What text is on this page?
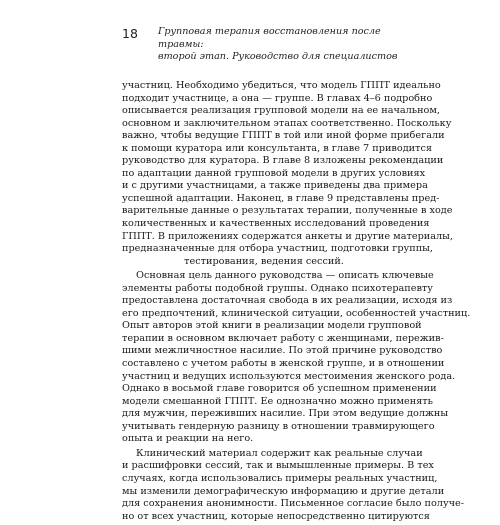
18 Групповая терапия восстановления после травмы:
второй этап. Руководство для специалистов
участниц. Необходимо убедиться, что модель ГППТ идеально
подходит участнице, а она — группе. В главах 4–6 подробно
описывается реализация групповой модели на ее начальном,
основном и заключительном этапах соответственно. Поскольку
важно, чтобы ведущие ГППТ в той или иной форме прибегали
к помощи куратора или консультанта, в главе 7 приводится
руководство для куратора. В главе 8 изложены рекомендации
по адаптации данной групповой модели в других условиях
и с другими участницами, а также приведены два примера
успешной адаптации. Наконец, в главе 9 представлены пред-
варительные данные о результатах терапии, полученные в ходе
количественных и качественных исследований проведения
ГППТ. В приложениях содержатся анкеты и другие материалы,
предназначенные для отбора участниц, подготовки группы,
тестирования, ведения сессий.
Основная цель данного руководства — описать ключевые
элементы работы подобной группы. Однако психотерапевту
предоставлена достаточная свобода в их реализации, исходя из
его предпочтений, клинической ситуации, особенностей участниц.
Опыт авторов этой книги в реализации модели групповой
терапии в основном включает работу с женщинами, пережив-
шими межличностное насилие. По этой причине руководство
составлено с учетом работы в женской группе, и в отношении
участниц и ведущих используются местоимения женского рода.
Однако в восьмой главе говорится об успешном применении
модели смешанной ГППТ. Ее однозначно можно применять
для мужчин, переживших насилие. При этом ведущие должны
учитывать гендерную разницу в отношении травмирующего
опыта и реакции на него.
Клинический материал содержит как реальные случаи
и расшифровки сессий, так и вымышленные примеры. В тех
случаях, когда использовались примеры реальных участниц,
мы изменили демографическую информацию и другие детали
для сохранения анонимности. Письменное согласие было получе-
но от всех участниц, которые непосредственно цитируются
